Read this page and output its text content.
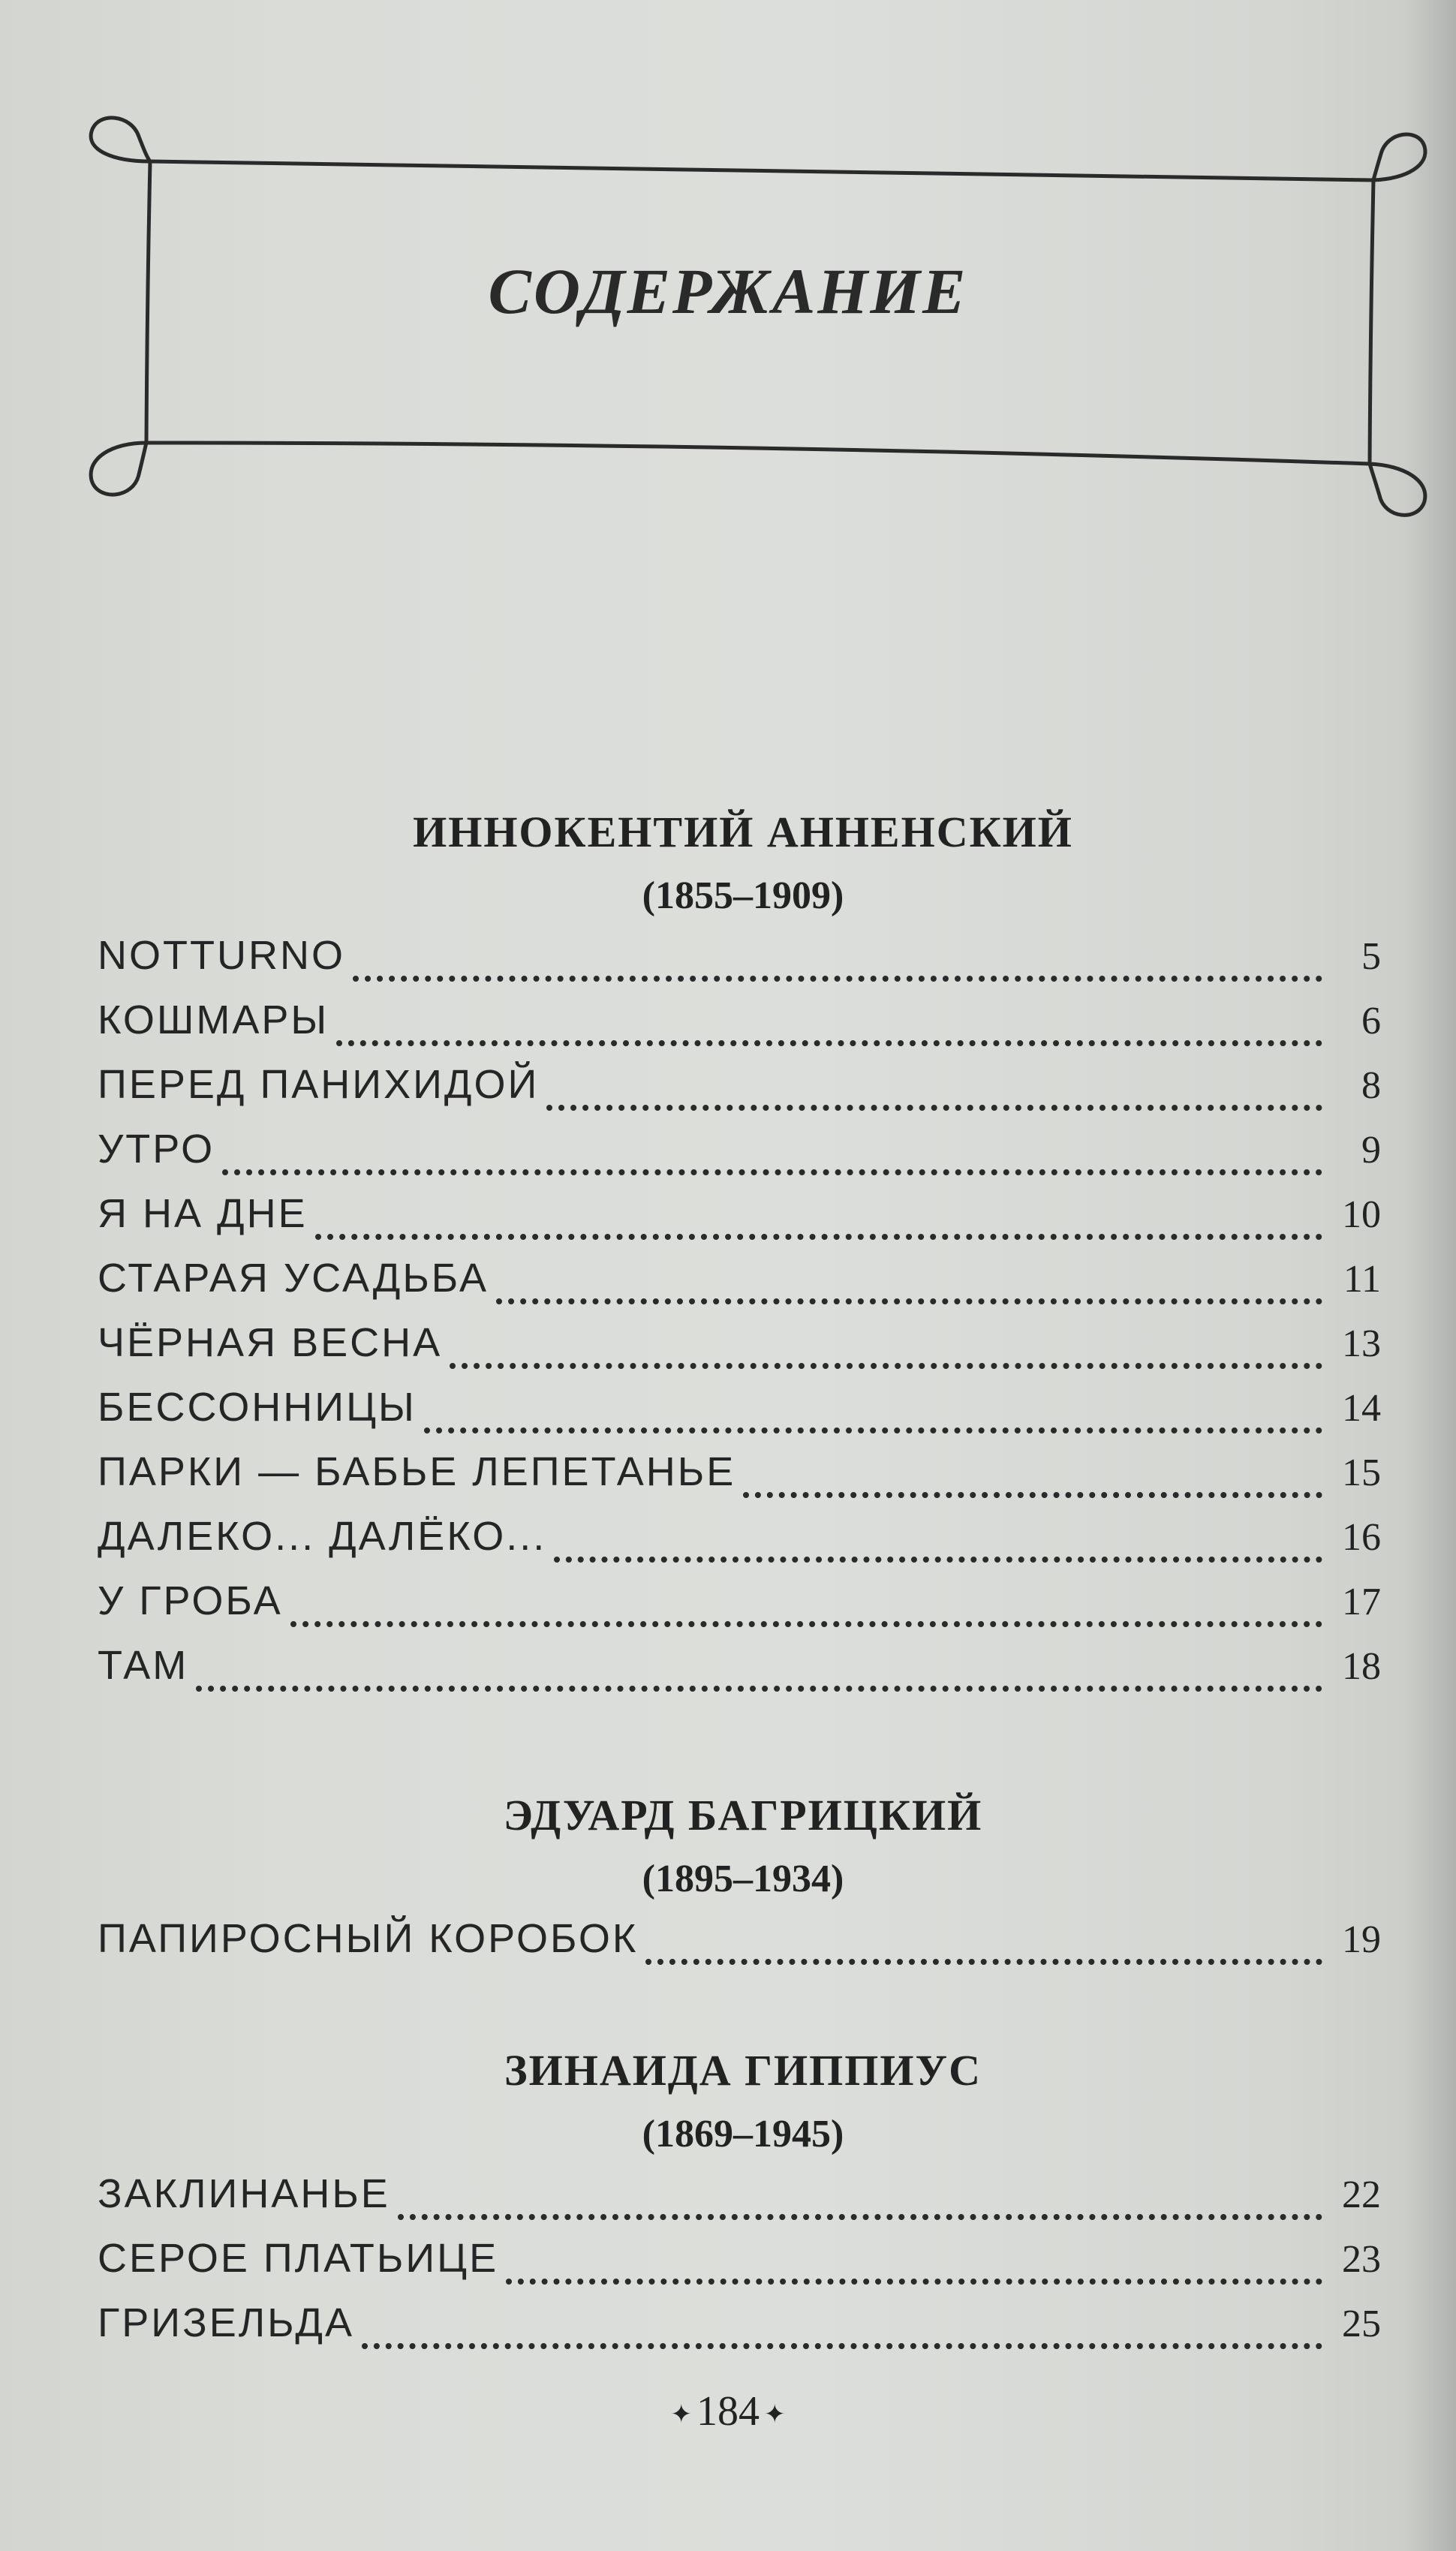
СОДЕРЖАНИЕ
ИННОКЕНТИЙ АННЕНСКИЙ
(1855–1909)
NOTTURNO	5
КОШМАРЫ	6
ПЕРЕД ПАНИХИДОЙ	8
УТРО	9
Я НА ДНЕ	10
СТАРАЯ УСАДЬБА	11
ЧЁРНАЯ ВЕСНА	13
БЕССОННИЦЫ	14
ПАРКИ — БАБЬЕ ЛЕПЕТАНЬЕ	15
ДАЛЕКО... ДАЛЁКО...	16
У ГРОБА	17
ТАМ	18
ЭДУАРД БАГРИЦКИЙ
(1895–1934)
ПАПИРОСНЫЙ КОРОБОК	19
ЗИНАИДА ГИППИУС
(1869–1945)
ЗАКЛИНАНЬЕ	22
СЕРОЕ ПЛАТЬИЦЕ	23
ГРИЗЕЛЬДА	25
✦ 184 ✦
